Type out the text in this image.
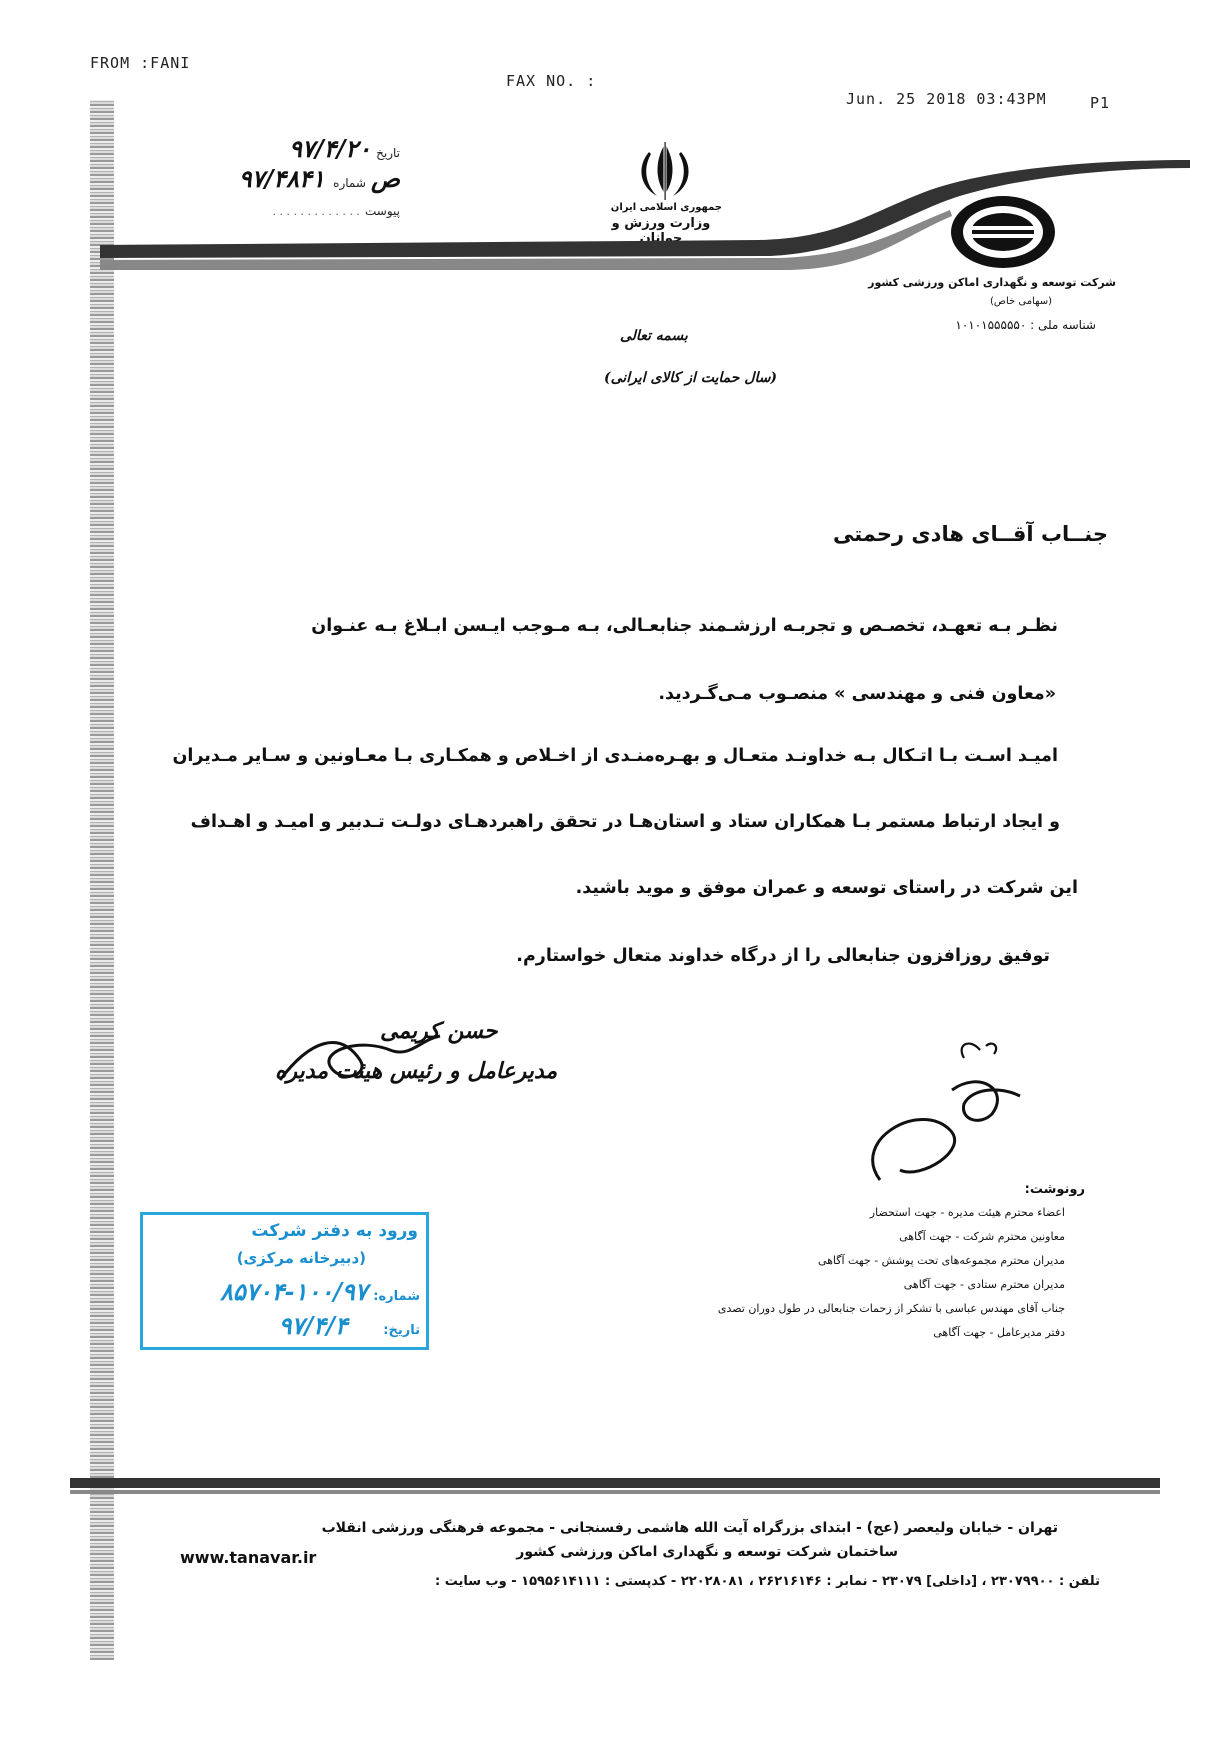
FROM :FANI
FAX NO. :
Jun. 25 2018 03:43PM	P1
۹۷/۴/۲۰ تاریخ
۹۷/۴۸۴۱ ص شماره
. . . . . . . . . . . . . پیوست	جمهوری اسلامی ایران
وزارت ورزش و جوانان
شرکت توسعه و نگهداری اماکن ورزشی کشور
(سهامی خاص)
شناسه ملی : ۱۰۱۰۱۵۵۵۵۵۰
بسمه تعالی
(سال حمایت از کالای ایرانی)
جنــاب آقــای هادی رحمتی
نظـر بـه تعهـد، تخصـص و تجربـه ارزشـمند جنابعـالی، بـه مـوجب ایـسن ابـلاغ بـه عنـوان
«معاون فنی و مهندسی » منصـوب مـی‌گـردید.
امیـد اسـت بـا اتـکال بـه خداونـد متعـال و بهـره‌منـدی از اخـلاص و همکـاری بـا معـاونین و سـایر مـدیران
و ایجاد ارتباط مستمر بـا همکاران ستاد و استان‌هـا در تحقق راهبردهـای دولـت تـدبیر و امیـد و اهـداف
این شرکت در راستای توسعه و عمران موفق و موید باشید.
توفیق روزافزون جنابعالی را از درگاه خداوند متعال خواستارم.
حسن کریمی
مدیرعامل و رئیس هیئت مدیره
رونوشت:
اعضاء محترم هیئت مدیره - جهت استحضار
معاونین محترم شرکت - جهت آگاهی
مدیران محترم مجموعه‌های تحت پوشش - جهت آگاهی
مدیران محترم ستادی - جهت آگاهی
جناب آقای مهندس عباسی با تشکر از زحمات جنابعالی در طول دوران تصدی
دفتر مدیرعامل - جهت آگاهی
ورود به دفتر شرکت
(دبیرخانه مرکزی)
شماره: ۱۰۰/۹۷-۸۵۷۰۴
تاریخ: ۹۷/۴/۴
تهران - خیابان ولیعصر (عج) - ابتدای بزرگراه آیت الله هاشمی رفسنجانی - مجموعه فرهنگی ورزشی انقلاب
ساختمان شرکت توسعه و نگهداری اماکن ورزشی کشور
تلفن : ۲۳۰۷۹۹۰۰ ، [داخلی] ۲۳۰۷۹ - نمابر : ۲۶۲۱۶۱۴۶ ، ۲۲۰۲۸۰۸۱ - کدپستی : ۱۵۹۵۶۱۴۱۱۱ - وب سایت :
www.tanavar.ir
